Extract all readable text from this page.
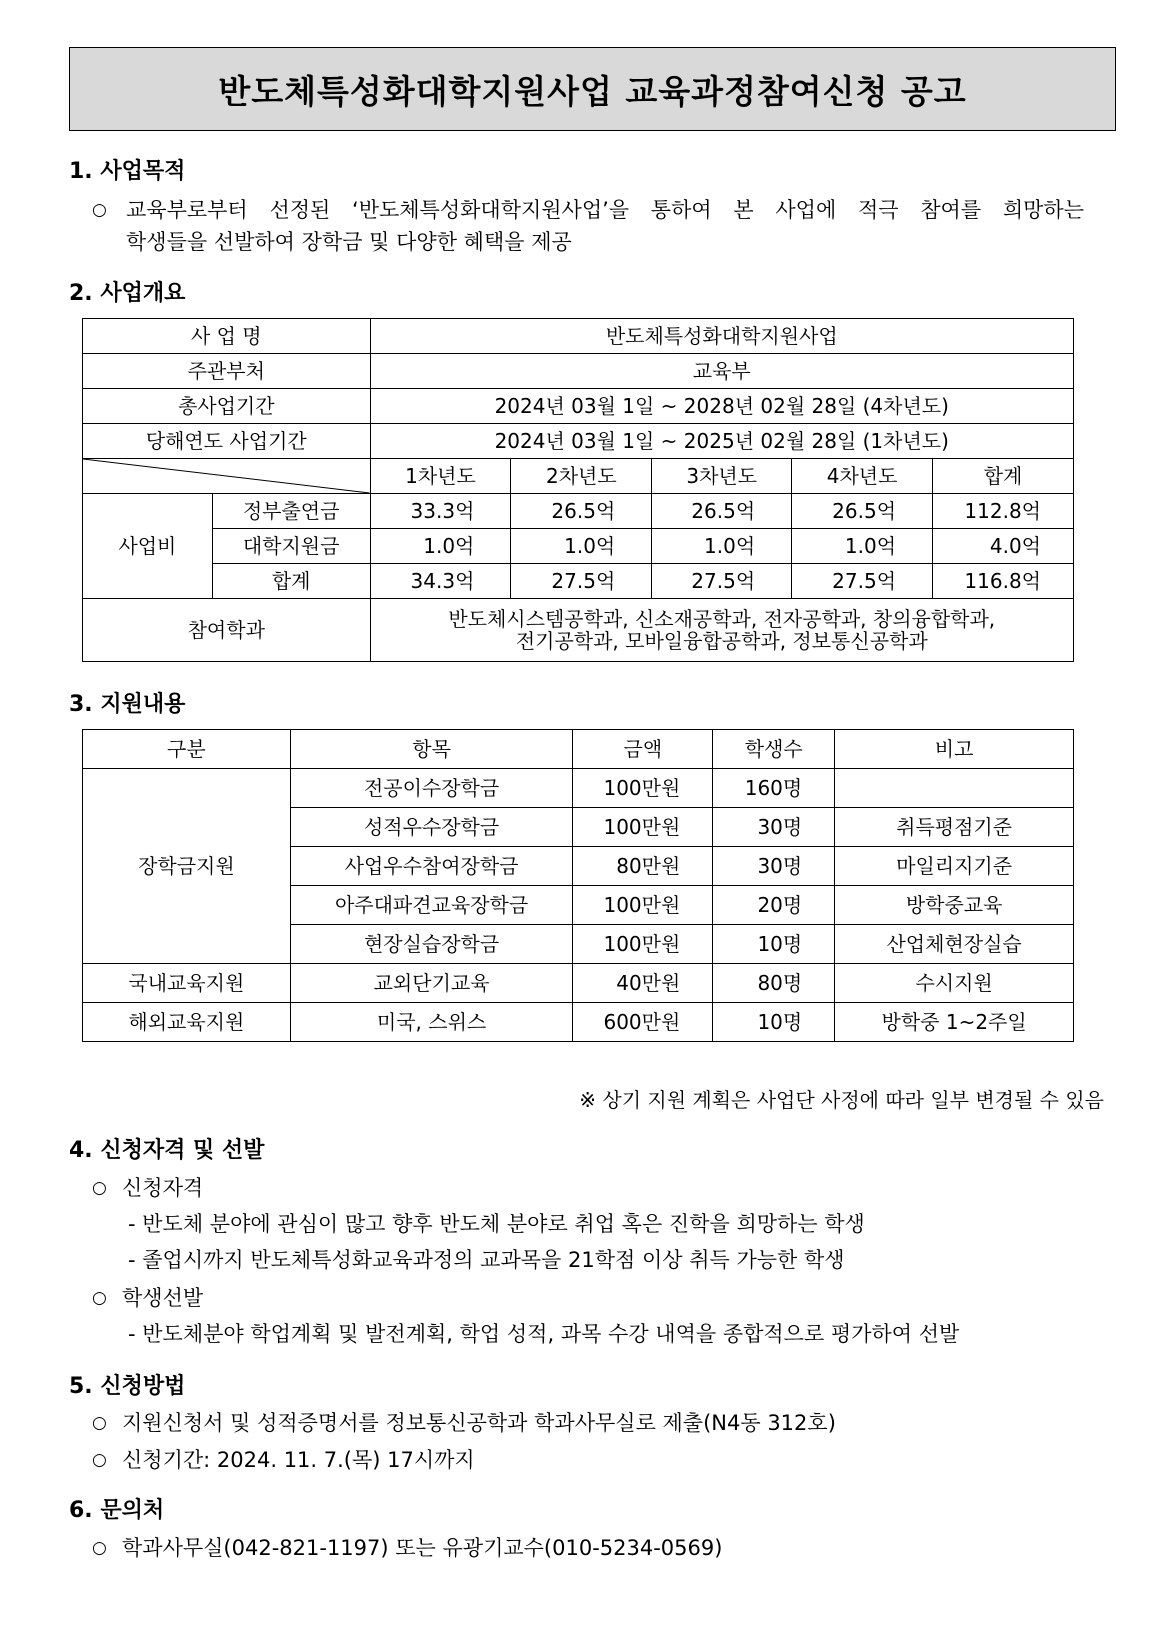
반도체특성화대학지원사업 교육과정참여신청 공고
1. 사업목적
○ 교육부로부터 선정된 ‘반도체특성화대학지원사업’을 통하여 본 사업에 적극 참여를 희망하는
학생들을 선발하여 장학금 및 다양한 혜택을 제공
2. 사업개요
사 업 명		반도체특성화대학지원사업				
주관부처		교육부				
총사업기간		2024년 03월 1일 ~ 2028년 02월 28일 (4차년도)				
당해연도 사업기간		2024년 03월 1일 ~ 2025년 02월 28일 (1차년도)				

	1차년도	2차년도	3차년도	4차년도	합계
사업비	정부출연금	33.3억	26.5억	26.5억	26.5억	112.8억
	대학지원금	1.0억	1.0억	1.0억	1.0억	4.0억
	합계	34.3억	27.5억	27.5억	27.5억	116.8억
참여학과		반도체시스템공학과, 신소재공학과, 전자공학과, 창의융합학과,
전기공학과, 모바일융합공학과, 정보통신공학과				
3. 지원내용
구분	항목	금액	학생수	비고
장학금지원	전공이수장학금	100만원	160명	
	성적우수장학금	100만원	30명	취득평점기준
	사업우수참여장학금	80만원	30명	마일리지기준
	아주대파견교육장학금	100만원	20명	방학중교육
	현장실습장학금	100만원	10명	산업체현장실습
국내교육지원	교외단기교육	40만원	80명	수시지원
해외교육지원	미국, 스위스	600만원	10명	방학중 1~2주일
※ 상기 지원 계획은 사업단 사정에 따라 일부 변경될 수 있음
4. 신청자격 및 선발
○ 신청자격
- 반도체 분야에 관심이 많고 향후 반도체 분야로 취업 혹은 진학을 희망하는 학생
- 졸업시까지 반도체특성화교육과정의 교과목을 21학점 이상 취득 가능한 학생
○ 학생선발
- 반도체분야 학업계획 및 발전계획, 학업 성적, 과목 수강 내역을 종합적으로 평가하여 선발
5. 신청방법
○ 지원신청서 및 성적증명서를 정보통신공학과 학과사무실로 제출(N4동 312호)
○ 신청기간: 2024. 11. 7.(목) 17시까지
6. 문의처
○ 학과사무실(042-821-1197) 또는 유광기교수(010-5234-0569)
